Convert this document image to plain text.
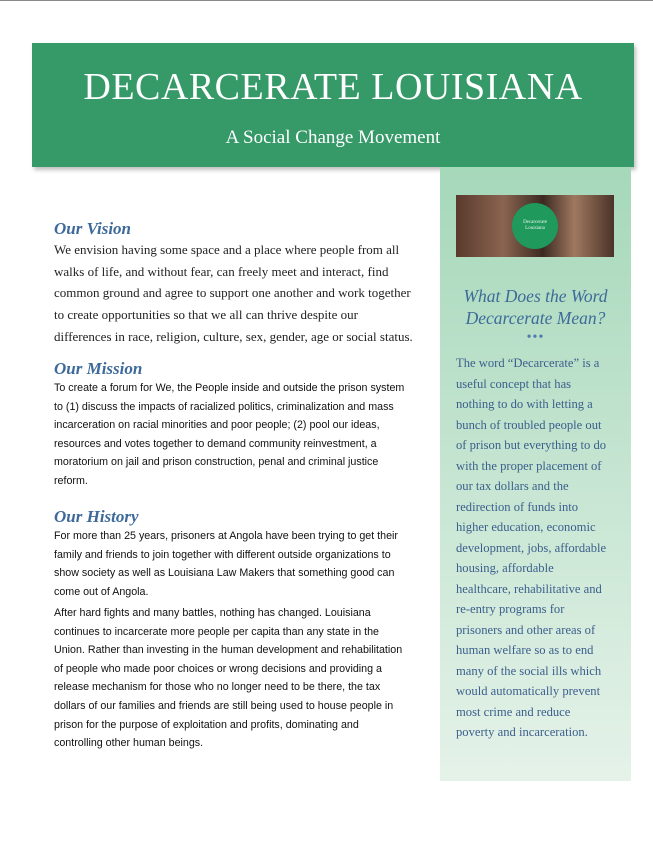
DECARCERATE LOUISIANA
A Social Change Movement
Decarcerate
Louisiana
What Does the Word
Decarcerate Mean?
•••
The word “Decarcerate” is a
useful concept that has
nothing to do with letting a
bunch of troubled people out
of prison but everything to do
with the proper placement of
our tax dollars and the
redirection of funds into
higher education, economic
development, jobs, affordable
housing, affordable
healthcare, rehabilitative and
re-entry programs for
prisoners and other areas of
human welfare so as to end
many of the social ills which
would automatically prevent
most crime and reduce
poverty and incarceration.
Our Vision
We envision having some space and a place where people from all
walks of life, and without fear, can freely meet and interact, find
common ground and agree to support one another and work together
to create opportunities so that we all can thrive despite our
differences in race, religion, culture, sex, gender, age or social status.
Our Mission
To create a forum for We, the People inside and outside the prison system
to (1) discuss the impacts of racialized politics, criminalization and mass
incarceration on racial minorities and poor people; (2) pool our ideas,
resources and votes together to demand community reinvestment, a
moratorium on jail and prison construction, penal and criminal justice
reform.
Our History
For more than 25 years, prisoners at Angola have been trying to get their
family and friends to join together with different outside organizations to
show society as well as Louisiana Law Makers that something good can
come out of Angola.
After hard fights and many battles, nothing has changed. Louisiana
continues to incarcerate more people per capita than any state in the
Union. Rather than investing in the human development and rehabilitation
of people who made poor choices or wrong decisions and providing a
release mechanism for those who no longer need to be there, the tax
dollars of our families and friends are still being used to house people in
prison for the purpose of exploitation and profits, dominating and
controlling other human beings.
